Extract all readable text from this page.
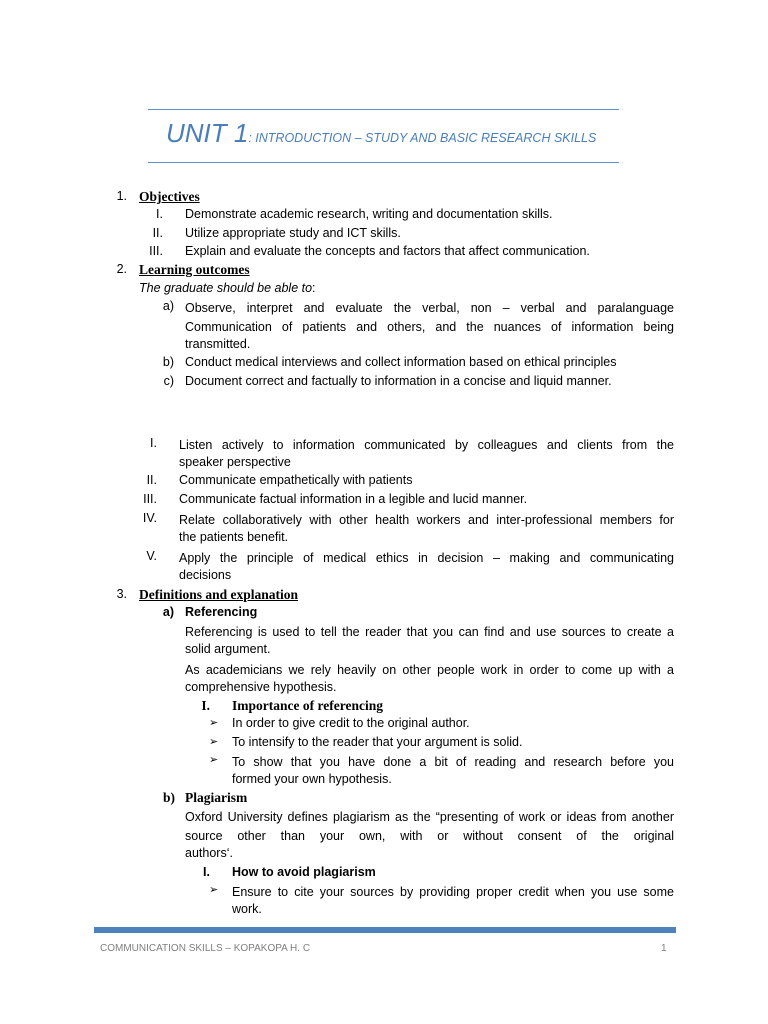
UNIT 1: INTRODUCTION – STUDY AND BASIC RESEARCH SKILLS
1. Objectives
I. Demonstrate academic research, writing and documentation skills.
II. Utilize appropriate study and ICT skills.
III. Explain and evaluate the concepts and factors that affect communication.
2. Learning outcomes
The graduate should be able to:
a) Observe, interpret and evaluate the verbal, non – verbal and paralanguage Communication of patients and others, and the nuances of information being
transmitted.
b) Conduct medical interviews and collect information based on ethical principles
c) Document correct and factually to information in a concise and liquid manner.
I. Listen actively to information communicated by colleagues and clients from the
speaker perspective
II. Communicate empathetically with patients
III. Communicate factual information in a legible and lucid manner.
IV. Relate collaboratively with other health workers and inter-professional members for
the patients benefit.
V. Apply the principle of medical ethics in decision – making and communicating
decisions
3. Definitions and explanation
a) Referencing
Referencing is used to tell the reader that you can find and use sources to create a
solid argument.
As academicians we rely heavily on other people work in order to come up with a
comprehensive hypothesis.
I. Importance of referencing
➢ In order to give credit to the original author.
➢ To intensify to the reader that your argument is solid.
➢ To show that you have done a bit of reading and research before you
formed your own hypothesis.
b) Plagiarism
Oxford University defines plagiarism as the “presenting of work or ideas from another source other than your own, with or without consent of the original
authors‘.
I. How to avoid plagiarism
➢ Ensure to cite your sources by providing proper credit when you use some
work.
COMMUNICATION SKILLS – KOPAKOPA H. C	1
